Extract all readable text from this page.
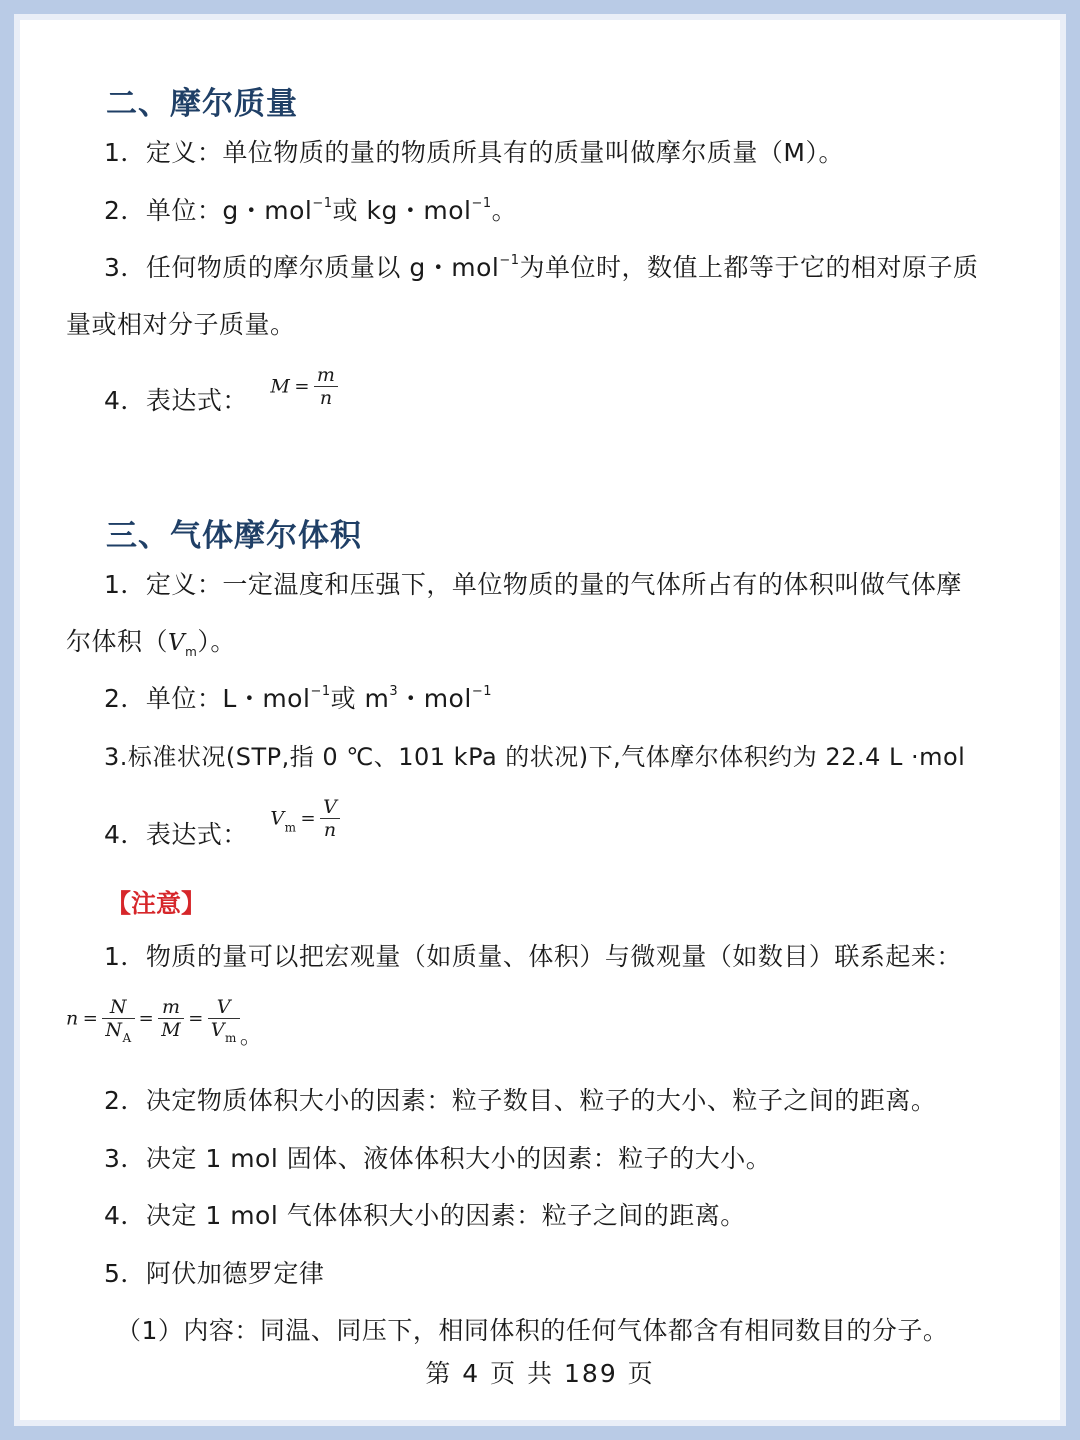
二、摩尔质量
1．定义：单位物质的量的物质所具有的质量叫做摩尔质量（M）。
2．单位：g・mol$^{-1}$或 kg・mol$^{-1}$。
3．任何物质的摩尔质量以 g・mol$^{-1}$为单位时，数值上都等于它的相对原子质
量或相对分子质量。
4．表达式： $M = \frac{m}{n}$
三、气体摩尔体积
1．定义：一定温度和压强下，单位物质的量的气体所占有的体积叫做气体摩
尔体积$(V_m)$。
2．单位：L・mol$^{-1}$或 $m^3$・mol$^{-1}$
3.标准状况(STP,指 0 ℃、101 kPa 的状况)下,气体摩尔体积约为 22.4 L ·mol
4．表达式： $V_m = \frac{V}{n}$
【注意】
1．物质的量可以把宏观量（如质量、体积）与微观量（如数目）联系起来：
$n = \frac{N}{N_A} = \frac{m}{M} = \frac{V}{V_m}$ 。
2．决定物质体积大小的因素：粒子数目、粒子的大小、粒子之间的距离。
3．决定 1 mol 固体、液体体积大小的因素：粒子的大小。
4．决定 1 mol 气体体积大小的因素：粒子之间的距离。
5．阿伏加德罗定律
（1）内容：同温、同压下，相同体积的任何气体都含有相同数目的分子。
第 4 页 共 189 页
